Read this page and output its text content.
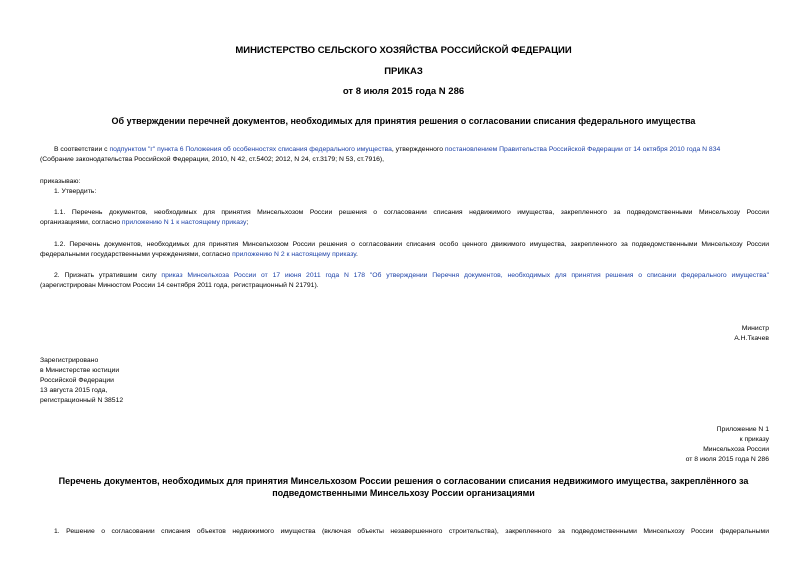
МИНИСТЕРСТВО СЕЛЬСКОГО ХОЗЯЙСТВА РОССИЙСКОЙ ФЕДЕРАЦИИ
ПРИКАЗ
от 8 июля 2015 года N 286
Об утверждении перечней документов, необходимых для принятия решения о согласовании списания федерального имущества
В соответствии с подпунктом "г" пункта 6 Положения об особенностях списания федерального имущества, утвержденного постановлением Правительства Российской Федерации от 14 октября 2010 года N 834
(Собрание законодательства Российской Федерации, 2010, N 42, ст.5402; 2012, N 24, ст.3179; N 53, ст.7916),
приказываю:
1. Утвердить:
1.1. Перечень документов, необходимых для принятия Минсельхозом России решения о согласовании списания недвижимого имущества, закрепленного за подведомственными Минсельхозу России
организациями, согласно приложению N 1 к настоящему приказу;
1.2. Перечень документов, необходимых для принятия Минсельхозом России решения о согласовании списания особо ценного движимого имущества, закрепленного за подведомственными Минсельхозу России
федеральными государственными учреждениями, согласно приложению N 2 к настоящему приказу.
2. Признать утратившим силу приказ Минсельхоза России от 17 июня 2011 года N 178 "Об утверждении Перечня документов, необходимых для принятия решения о списании федерального имущества"
(зарегистрирован Минюстом России 14 сентября 2011 года, регистрационный N 21791).
Министр
А.Н.Ткачев
Зарегистрировано
в Министерстве юстиции
Российской Федерации
13 августа 2015 года,
регистрационный N 38512
Приложение N 1
к приказу
Минсельхоза России
от 8 июля 2015 года N 286
Перечень документов, необходимых для принятия Минсельхозом России решения о согласовании списания недвижимого имущества, закреплённого за
подведомственными Минсельхозу России организациями
1. Решение о согласовании списания объектов недвижимого имущества (включая объекты незавершенного строительства), закрепленного за подведомственными Минсельхозу России федеральными
